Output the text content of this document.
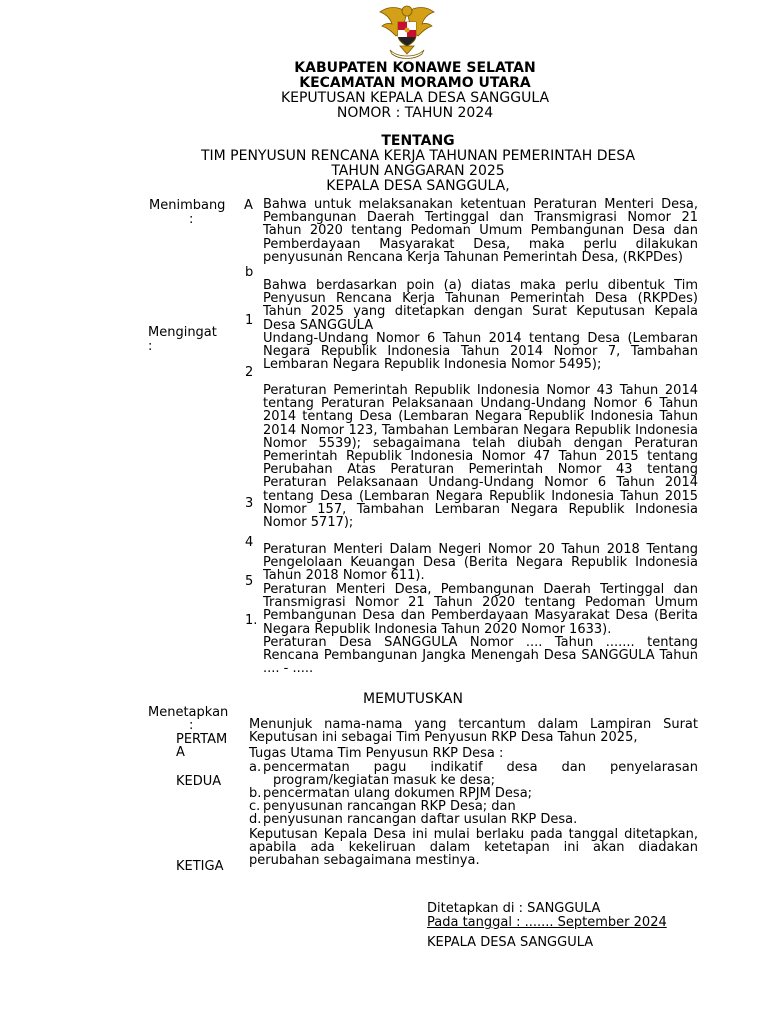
KABUPATEN KONAWE SELATAN
KECAMATAN MORAMO UTARA
KEPUTUSAN KEPALA DESA SANGGULA
NOMOR : TAHUN 2024
TENTANG
TIM PENYUSUN RENCANA KERJA TAHUNAN PEMERINTAH DESA
TAHUN ANGGARAN 2025
KEPALA DESA SANGGULA,
Menimbang
:
A
b
Bahwa untuk melaksanakan ketentuan Peraturan Menteri Desa, Pembangunan Daerah Tertinggal dan Transmigrasi Nomor 21 Tahun 2020 tentang Pedoman Umum Pembangunan Desa dan Pemberdayaan Masyarakat Desa, maka perlu dilakukan penyusunan Rencana Kerja Tahunan Pemerintah Desa, (RKPDes)
Bahwa berdasarkan poin (a) diatas maka perlu dibentuk Tim Penyusun Rencana Kerja Tahunan Pemerintah Desa (RKPDes) Tahun 2025 yang ditetapkan dengan Surat Keputusan Kepala Desa SANGGULA
Mengingat
:
1
2
3
4
5
1.
Undang-Undang Nomor 6 Tahun 2014 tentang Desa (Lembaran Negara Republik Indonesia Tahun 2014 Nomor 7, Tambahan Lembaran Negara Republik Indonesia Nomor 5495);
Peraturan Pemerintah Republik Indonesia Nomor 43 Tahun 2014 tentang Peraturan Pelaksanaan Undang-Undang Nomor 6 Tahun 2014 tentang Desa (Lembaran Negara Republik Indonesia Tahun 2014 Nomor 123, Tambahan Lembaran Negara Republik Indonesia Nomor 5539); sebagaimana telah diubah dengan Peraturan Pemerintah Republik Indonesia Nomor 47 Tahun 2015 tentang Perubahan Atas Peraturan Pemerintah Nomor 43 tentang Peraturan Pelaksanaan Undang-Undang Nomor 6 Tahun 2014 tentang Desa (Lembaran Negara Republik Indonesia Tahun 2015 Nomor 157, Tambahan Lembaran Negara Republik Indonesia Nomor 5717);
Peraturan Menteri Dalam Negeri Nomor 20 Tahun 2018 Tentang Pengelolaan Keuangan Desa (Berita Negara Republik Indonesia Tahun 2018 Nomor 611).
Peraturan Menteri Desa, Pembangunan Daerah Tertinggal dan Transmigrasi Nomor 21 Tahun 2020 tentang Pedoman Umum Pembangunan Desa dan Pemberdayaan Masyarakat Desa (Berita Negara Republik Indonesia Tahun 2020 Nomor 1633).
Peraturan Desa SANGGULA Nomor .... Tahun ....... tentang Rencana Pembangunan Jangka Menengah Desa SANGGULA Tahun .... - .....
MEMUTUSKAN
Menetapkan
:
PERTAM
A
KEDUA
KETIGA
Menunjuk nama-nama yang tercantum dalam Lampiran Surat Keputusan ini sebagai Tim Penyusun RKP Desa Tahun 2025,
Tugas Utama Tim Penyusun RKP Desa :
a. pencermatan pagu indikatif desa dan penyelarasan program/kegiatan masuk ke desa;
b. pencermatan ulang dokumen RPJM Desa;
c. penyusunan rancangan RKP Desa; dan
d. penyusunan rancangan daftar usulan RKP Desa.
Keputusan Kepala Desa ini mulai berlaku pada tanggal ditetapkan, apabila ada kekeliruan dalam ketetapan ini akan diadakan perubahan sebagaimana mestinya.
Ditetapkan di : SANGGULA
Pada tanggal : ....... September 2024
KEPALA DESA SANGGULA
